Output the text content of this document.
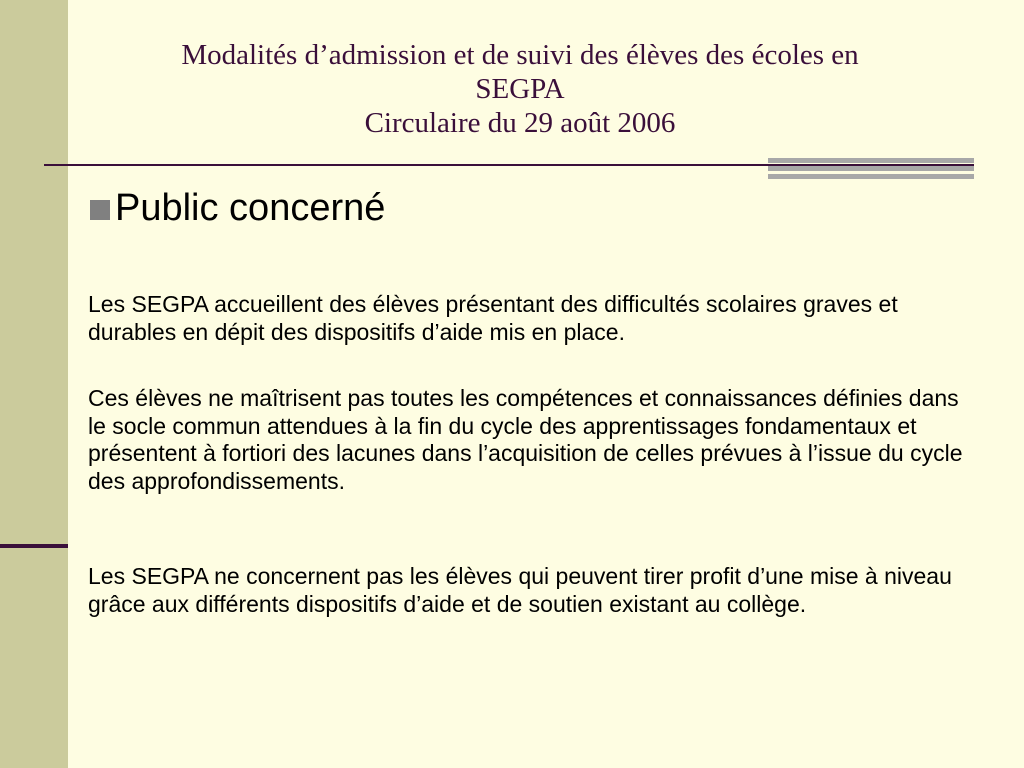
Modalités d’admission et de suivi des élèves des écoles en
SEGPA
Circulaire du 29 août 2006
Public concerné

Les SEGPA accueillent des élèves présentant des difficultés scolaires graves et durables en dépit des dispositifs d’aide mis en place.

Ces élèves ne maîtrisent pas toutes les compétences et connaissances définies dans le socle commun attendues à la fin du cycle des apprentissages fondamentaux et présentent à fortiori des lacunes dans l’acquisition de celles prévues à l’issue du cycle des approfondissements.

Les SEGPA ne concernent pas les élèves qui peuvent tirer profit d’une mise à niveau grâce aux différents dispositifs d’aide et de soutien existant au collège.
